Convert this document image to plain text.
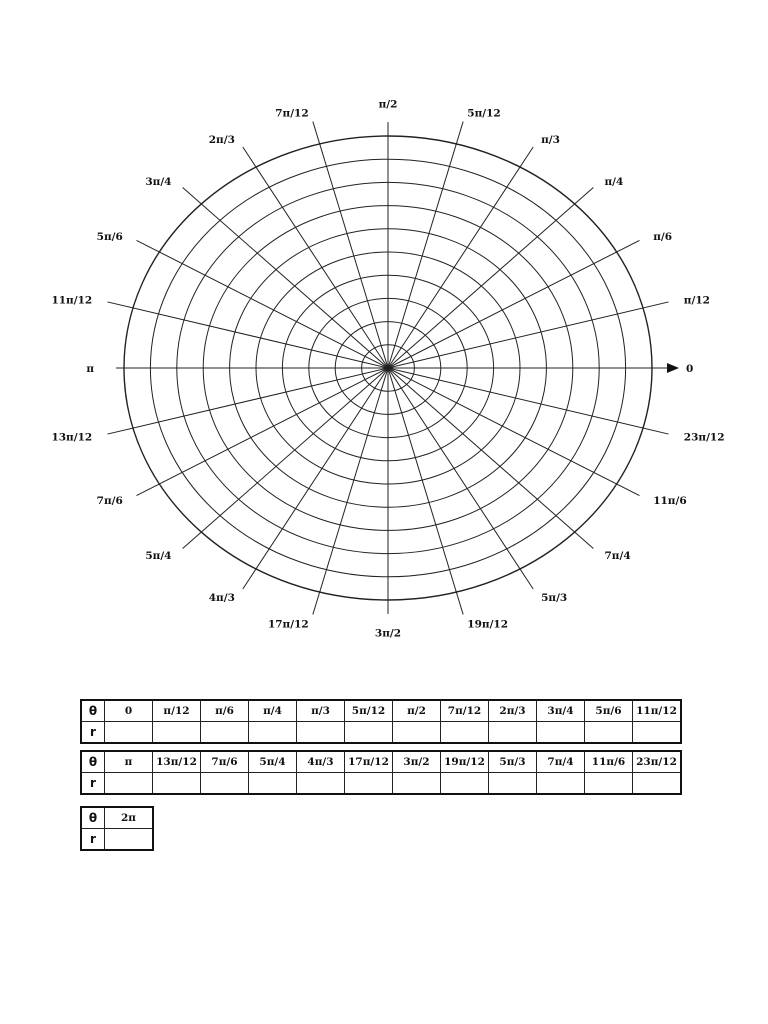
0
π/12
π/6
π/4
π/3
5π/12
π/2
7π/12
2π/3
3π/4
5π/6
11π/12
π
13π/12
7π/6
5π/4
4π/3
17π/12
3π/2
19π/12
5π/3
7π/4
11π/6
23π/12
θ	0	π/12	π/6	π/4	π/3	5π/12	π/2	7π/12	2π/3	3π/4	5π/6	11π/12
r												
θ	π	13π/12	7π/6	5π/4	4π/3	17π/12	3π/2	19π/12	5π/3	7π/4	11π/6	23π/12
r												
θ	2π
r	
